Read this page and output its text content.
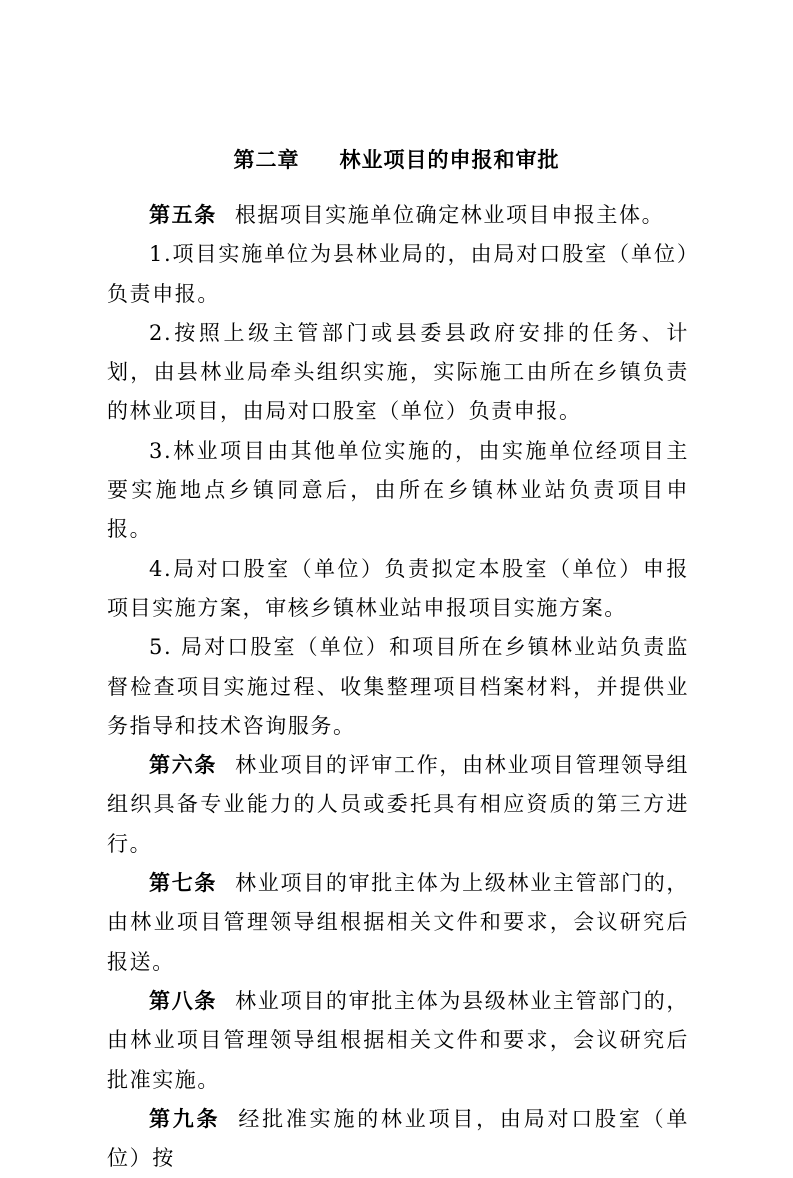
第二章 林业项目的申报和审批

第五条 根据项目实施单位确定林业项目申报主体。

1.项目实施单位为县林业局的，由局对口股室（单位）负责申报。

2.按照上级主管部门或县委县政府安排的任务、计划，由县林业局牵头组织实施，实际施工由所在乡镇负责的林业项目，由局对口股室（单位）负责申报。

3.林业项目由其他单位实施的，由实施单位经项目主要实施地点乡镇同意后，由所在乡镇林业站负责项目申报。

4.局对口股室（单位）负责拟定本股室（单位）申报项目实施方案，审核乡镇林业站申报项目实施方案。

5. 局对口股室（单位）和项目所在乡镇林业站负责监督检查项目实施过程、收集整理项目档案材料，并提供业务指导和技术咨询服务。

第六条 林业项目的评审工作，由林业项目管理领导组组织具备专业能力的人员或委托具有相应资质的第三方进行。

第七条 林业项目的审批主体为上级林业主管部门的，由林业项目管理领导组根据相关文件和要求，会议研究后报送。

第八条 林业项目的审批主体为县级林业主管部门的，由林业项目管理领导组根据相关文件和要求，会议研究后批准实施。

第九条 经批准实施的林业项目，由局对口股室（单位）按
